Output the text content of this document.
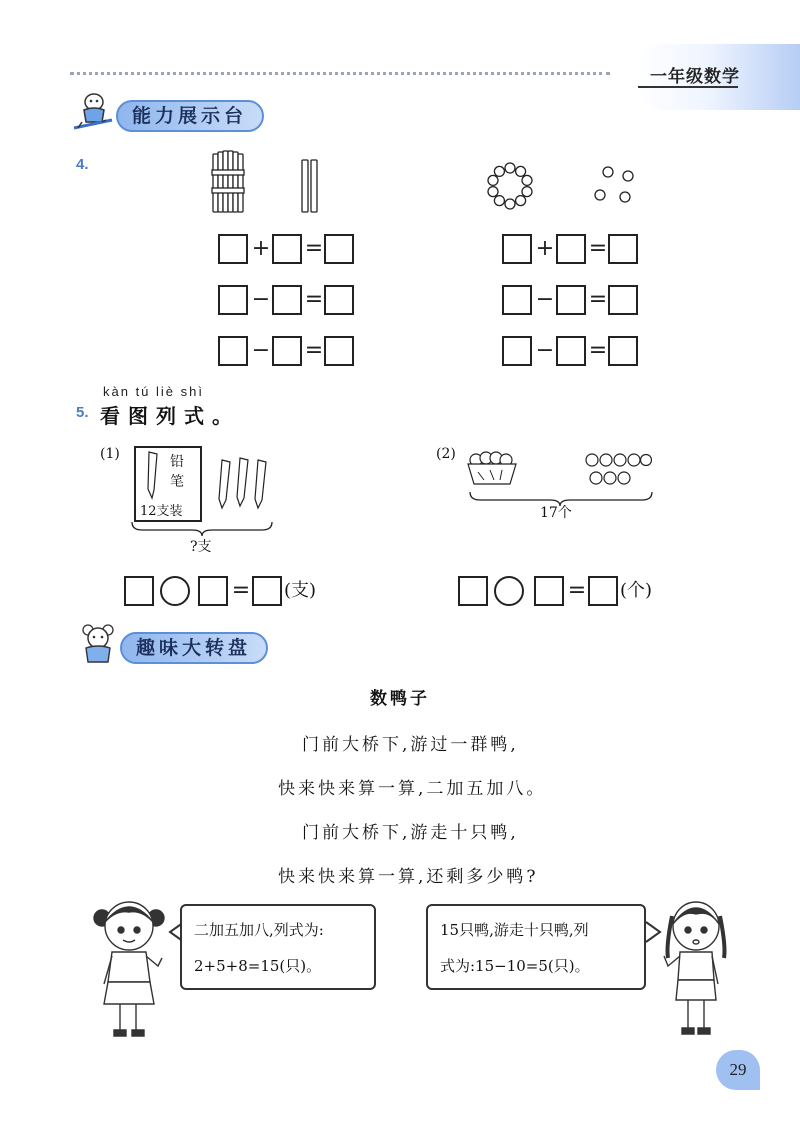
一年级数学
能力展示台
4.
+ =
− =
− =
+ =
− =
− =
kàn tú liè shì
5. 看图列式。
(1)	铅笔
12支装
?支
(2)
17个
= (支)	= (个)
趣味大转盘
数鸭子
门前大桥下,游过一群鸭,
快来快来算一算,二加五加八。
门前大桥下,游走十只鸭,
快来快来算一算,还剩多少鸭?
二加五加八,列式为:
2+5+8=15(只)。
15只鸭,游走十只鸭,列
式为:15−10=5(只)。
29
